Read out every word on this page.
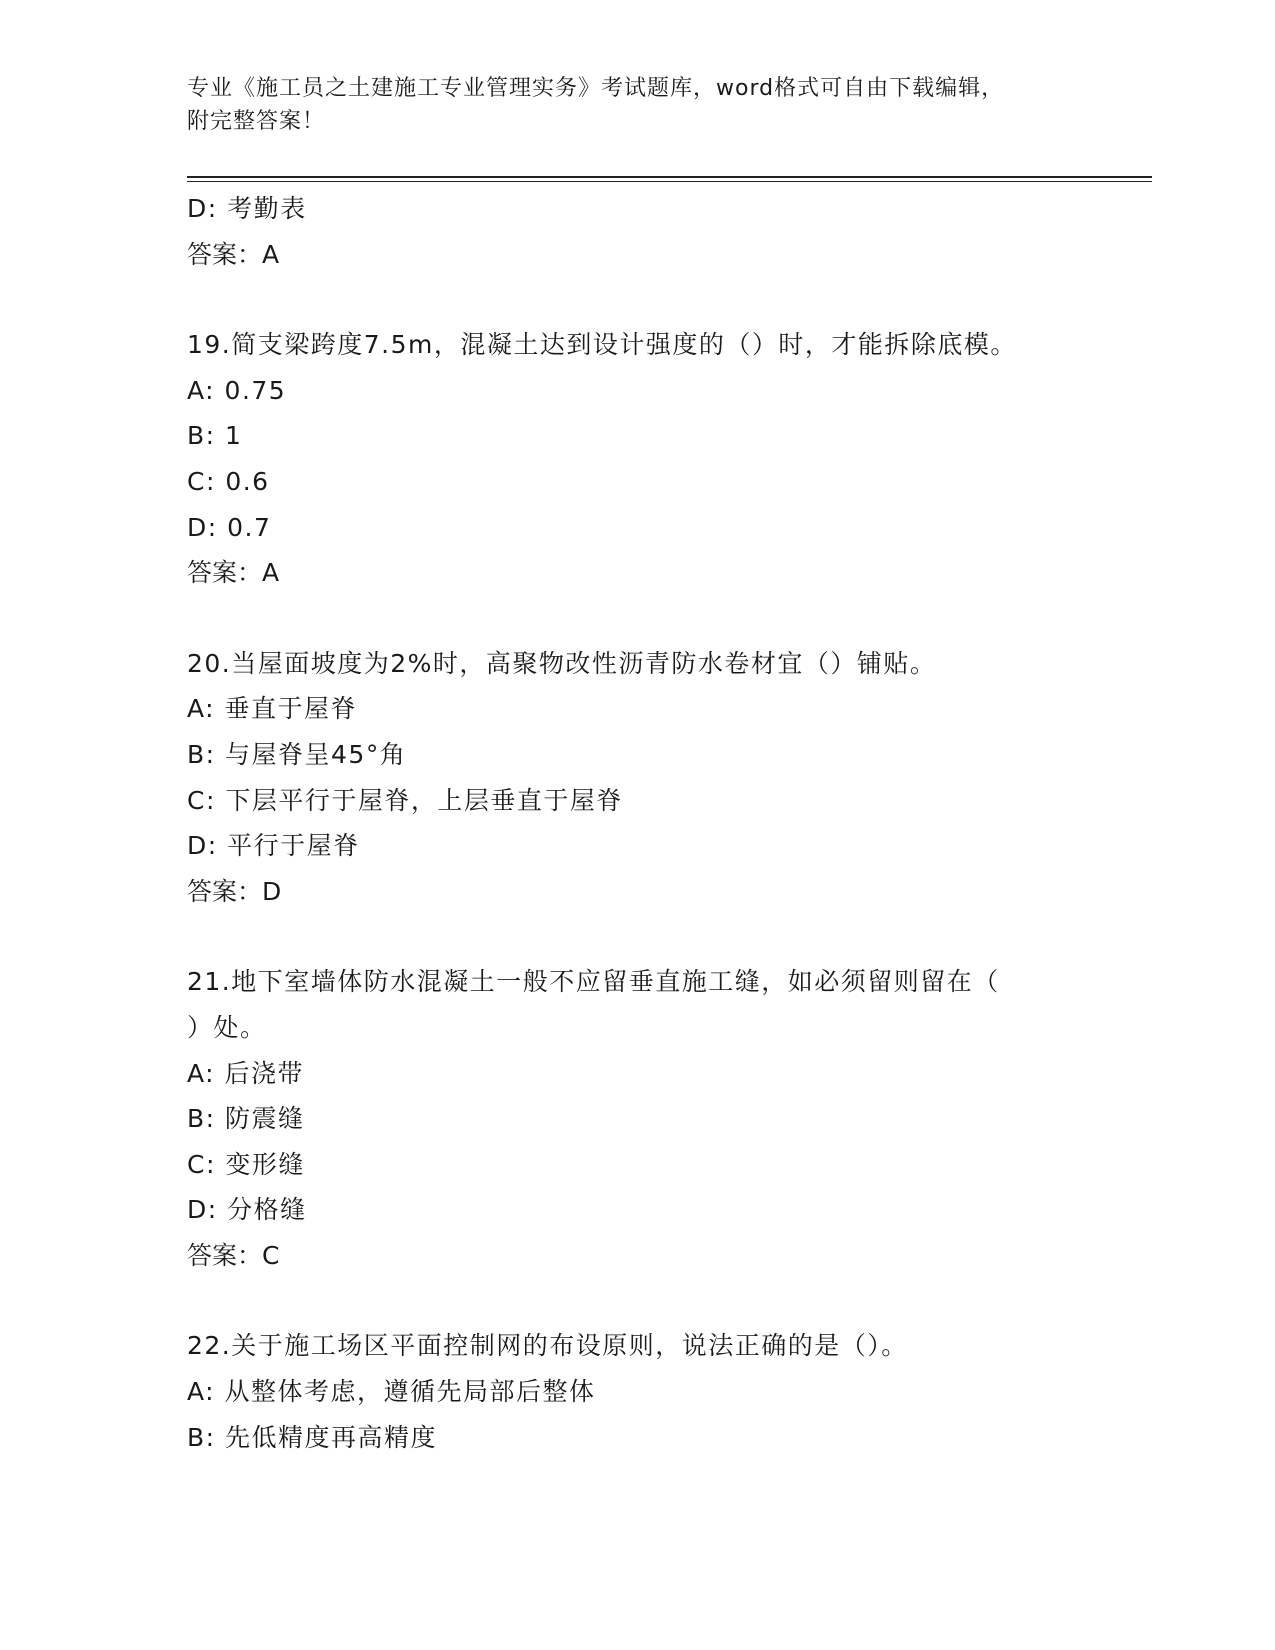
专业《施工员之土建施工专业管理实务》考试题库，word格式可自由下载编辑，
附完整答案！
D: 考勤表
答案：A
19.简支梁跨度7.5m，混凝土达到设计强度的（）时，才能拆除底模。
A: 0.75
B: 1
C: 0.6
D: 0.7
答案：A
20.当屋面坡度为2%时，高聚物改性沥青防水卷材宜（）铺贴。
A: 垂直于屋脊
B: 与屋脊呈45°角
C: 下层平行于屋脊，上层垂直于屋脊
D: 平行于屋脊
答案：D
21.地下室墙体防水混凝土一般不应留垂直施工缝，如必须留则留在（
）处。
A: 后浇带
B: 防震缝
C: 变形缝
D: 分格缝
答案：C
22.关于施工场区平面控制网的布设原则，说法正确的是（）。
A: 从整体考虑，遵循先局部后整体
B: 先低精度再高精度
